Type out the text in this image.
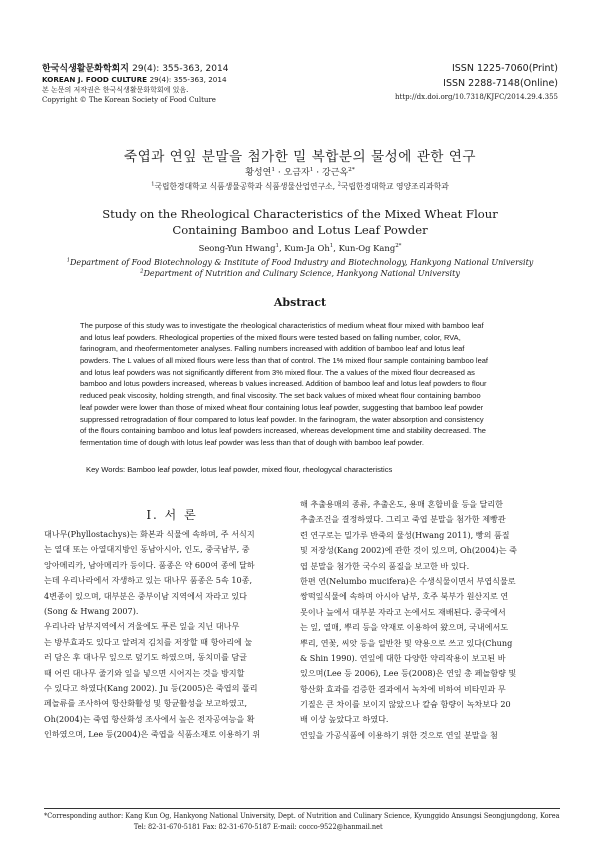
한국식생활문화학회지 29(4): 355-363, 2014
KOREAN J. FOOD CULTURE 29(4): 355-363, 2014
본 논문의 저작권은 한국식생활문화학회에 있음.
Copyright © The Korean Society of Food Culture
ISSN 1225-7060(Print)
ISSN 2288-7148(Online)
http://dx.doi.org/10.7318/KJFC/2014.29.4.355
죽엽과 연잎 분말을 첨가한 밀 복합분의 물성에 관한 연구
황성연$^1$ · 오금자$^1$ · 강근옥$^{2*}$
$^1$국립한경대학교 식품생물공학과 식품생물산업연구소, $^2$국립한경대학교 영양조리과학과
Study on the Rheological Characteristics of the Mixed Wheat Flour
Containing Bamboo and Lotus Leaf Powder
Seong-Yun Hwang$^1$, Kum-Ja Oh$^1$, Kun-Og Kang$^{2*}$
$^1$Department of Food Biotechnology & Institute of Food Industry and Biotechnology, Hankyong National University
$^2$Department of Nutrition and Culinary Science, Hankyong National University
Abstract
The purpose of this study was to investigate the rheological characteristics of medium wheat flour mixed with bamboo leaf
and lotus leaf powders. Rheological properties of the mixed flours were tested based on falling number, color, RVA,
farinogram, and rheofermentometer analyses. Falling numbers increased with addition of bamboo leaf and lotus leaf
powders. The L values of all mixed flours were less than that of control. The 1% mixed flour sample containing bamboo leaf
and lotus leaf powders was not significantly different from 3% mixed flour. The a values of the mixed flour decreased as
bamboo and lotus powders increased, whereas b values increased. Addition of bamboo leaf and lotus leaf powders to flour
reduced peak viscosity, holding strength, and final viscosity. The set back values of mixed wheat flour containing bamboo
leaf powder were lower than those of mixed wheat flour containing lotus leaf powder, suggesting that bamboo leaf powder
suppressed retrogradation of flour compared to lotus leaf powder. In the farinogram, the water absorption and consistency
of the flours containing bamboo and lotus leaf powders increased, whereas development time and stability decreased. The
fermentation time of dough with lotus leaf powder was less than that of dough with bamboo leaf powder.
Key Words: Bamboo leaf powder, lotus leaf powder, mixed flour, rheologycal characteristics
I. 서 론
대나무(Phyllostachys)는 화본과 식물에 속하며, 주 서식지
는 열대 또는 아열대지방인 동남아시아, 인도, 중국남부, 중
앙아메리카, 남아메리카 등이다. 품종은 약 600여 종에 달하
는데 우리나라에서 자생하고 있는 대나무 품종은 5속 10종,
4변종이 있으며, 대부분은 중부이남 지역에서 자라고 있다
(Song & Hwang 2007).
우리나라 남부지역에서 겨울에도 푸른 잎을 지닌 대나무
는 방부효과도 있다고 알려져 김치를 저장할 때 항아리에 눌
러 담은 후 대나무 잎으로 덮기도 하였으며, 동치미를 담글
때 어린 대나무 줄기와 잎을 넣으면 시어지는 것을 방지할
수 있다고 하였다(Kang 2002). Ju 등(2005)은 죽엽의 폴리
페놀류를 조사하여 항산화활성 및 항균활성을 보고하였고,
Oh(2004)는 죽엽 항산화성 조사에서 높은 전자공여능을 확
인하였으며, Lee 등(2004)은 죽엽을 식품소재로 이용하기 위
해 추출용매의 종류, 추출온도, 용매 혼합비율 등을 달리한
추출조건을 결정하였다. 그리고 죽엽 분말을 첨가한 제빵관
련 연구로는 밀가루 반죽의 물성(Hwang 2011), 빵의 품질
및 저장성(Kang 2002)에 관한 것이 있으며, Oh(2004)는 죽
엽 분말을 첨가한 국수의 품질을 보고한 바 있다.
한편 연(Nelumbo mucifera)은 수생식물이면서 부엽식물로
쌍떡잎식물에 속하며 아시아 남부, 호주 북부가 원산지로 연
못이나 늪에서 대부분 자라고 논에서도 재배된다. 중국에서
는 잎, 열매, 뿌리 등을 약재로 이용하여 왔으며, 국내에서도
뿌리, 연꽃, 씨앗 등을 일반찬 및 약용으로 쓰고 있다(Chung
& Shin 1990). 연잎에 대한 다양한 약리작용이 보고된 바
있으며(Lee 등 2006), Lee 등(2008)은 연잎 총 페놀함량 및
항산화 효과를 검증한 결과에서 녹차에 비하여 비타민과 무
기질은 큰 차이를 보이지 않았으나 칼슘 함량이 녹차보다 20
배 이상 높았다고 하였다.
연잎을 가공식품에 이용하기 위한 것으로 연잎 분말을 첨
*Corresponding author: Kang Kun Og, Hankyong National University, Dept. of Nutrition and Culinary Science, Kyunggido Ansungsi Seongjungdong, Korea
Tel: 82-31-670-5181 Fax: 82-31-670-5187 E-mail: cocco-9522@hanmail.net
